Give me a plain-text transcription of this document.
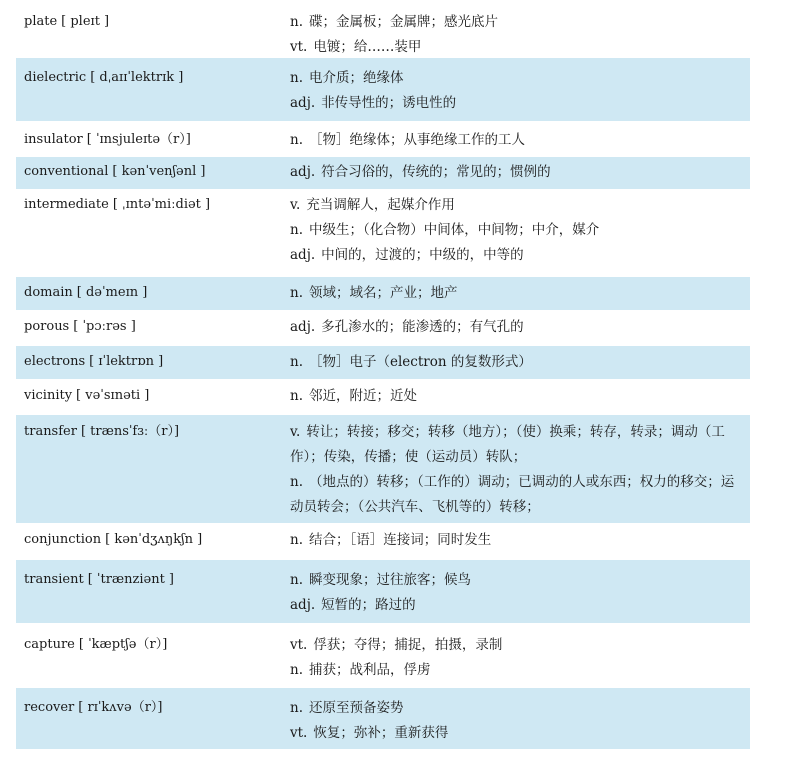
plate [ pleɪt ]	n. 碟；金属板；金属牌；感光底片
vt. 电镀；给……装甲
dielectric [ dˌaɪɪˈlektrɪk ]	n. 电介质；绝缘体
adj. 非传导性的；诱电性的
insulator [ ˈɪnsjuleɪtə（r）]	n. ［物］绝缘体；从事绝缘工作的工人
conventional [ kənˈvenʃənl ]	adj. 符合习俗的，传统的；常见的；惯例的
intermediate [ ˌɪntəˈmiːdiət ]	v. 充当调解人，起媒介作用
n. 中级生；（化合物）中间体，中间物；中介，媒介
adj. 中间的，过渡的；中级的，中等的
domain [ dəˈmeɪn ]	n. 领域；域名；产业；地产
porous [ ˈpɔːrəs ]	adj. 多孔渗水的；能渗透的；有气孔的
electrons [ ɪˈlektrɒn ]	n. ［物］电子（electron 的复数形式）
vicinity [ vəˈsɪnəti ]	n. 邻近，附近；近处
transfer [ trænsˈfɜː（r）]	v. 转让；转接；移交；转移（地方）；（使）换乘；转存，转录；调动（工作）；传染，传播；使（运动员）转队；
n. （地点的）转移；（工作的）调动；已调动的人或东西；权力的移交；运动员转会；（公共汽车、飞机等的）转移；
conjunction [ kənˈdʒʌŋkʃn ]	n. 结合；［语］连接词；同时发生
transient [ ˈtrænziənt ]	n. 瞬变现象；过往旅客；候鸟
adj. 短暂的；路过的
capture [ ˈkæptʃə（r）]	vt. 俘获；夺得；捕捉，拍摄，录制
n. 捕获；战利品，俘虏
recover [ rɪˈkʌvə（r）]	n. 还原至预备姿势
vt. 恢复；弥补；重新获得
